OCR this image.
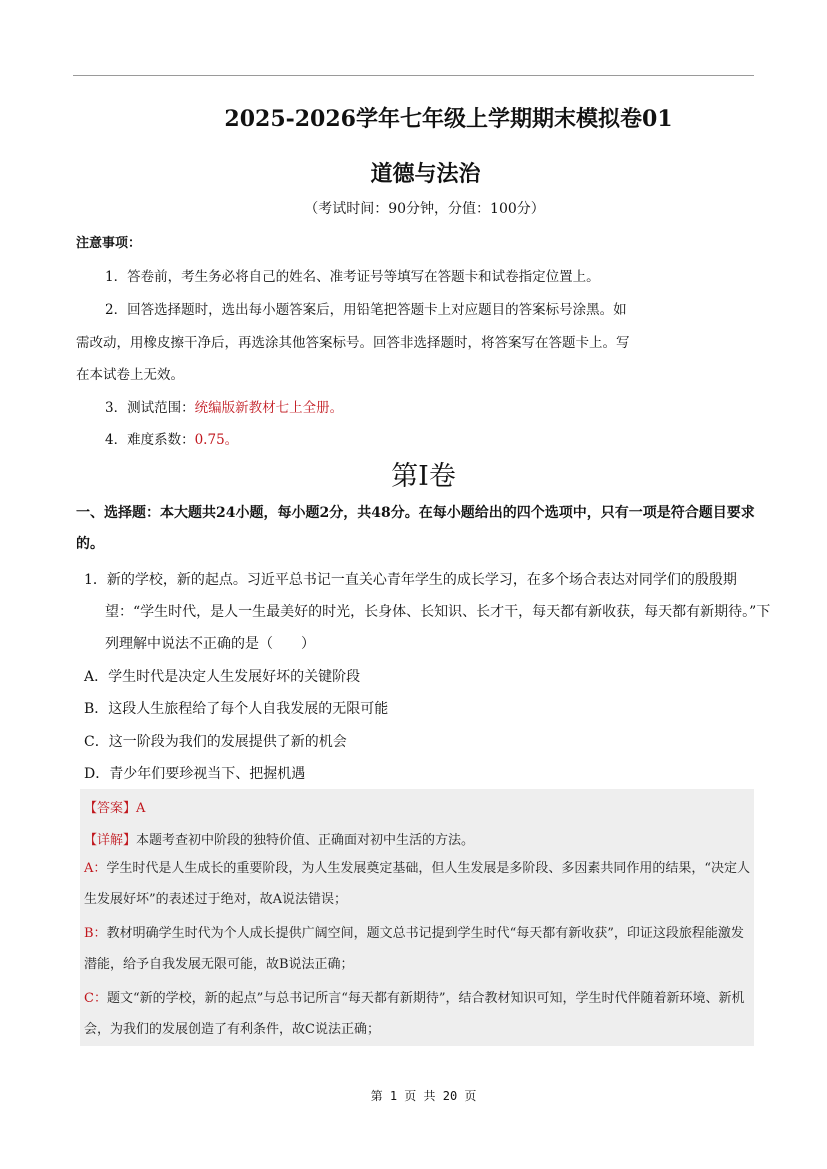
2025-2026学年七年级上学期期末模拟卷01
道德与法治
（考试时间：90分钟，分值：100分）
注意事项：
1．答卷前，考生务必将自己的姓名、准考证号等填写在答题卡和试卷指定位置上。
2．回答选择题时，选出每小题答案后，用铅笔把答题卡上对应题目的答案标号涂黑。如
需改动，用橡皮擦干净后，再选涂其他答案标号。回答非选择题时，将答案写在答题卡上。写
在本试卷上无效。
3．测试范围：统编版新教材七上全册。
4．难度系数：0.75。
第I卷
一、选择题：本大题共24小题，每小题2分，共48分。在每小题给出的四个选项中，只有一项是符合题目要求的。
1．新的学校，新的起点。习近平总书记一直关心青年学生的成长学习，在多个场合表达对同学们的殷殷期望：“学生时代，是人一生最美好的时光，长身体、长知识、长才干，每天都有新收获，每天都有新期待。”下列理解中说法不正确的是（　　）
A．学生时代是决定人生发展好坏的关键阶段
B．这段人生旅程给了每个人自我发展的无限可能
C．这一阶段为我们的发展提供了新的机会
D．青少年们要珍视当下、把握机遇
【答案】A
【详解】本题考查初中阶段的独特价值、正确面对初中生活的方法。
A：学生时代是人生成长的重要阶段，为人生发展奠定基础，但人生发展是多阶段、多因素共同作用的结果，“决定人生发展好坏”的表述过于绝对，故A说法错误；
B：教材明确学生时代为个人成长提供广阔空间，题文总书记提到学生时代“每天都有新收获”，印证这段旅程能激发潜能，给予自我发展无限可能，故B说法正确；
C：题文“新的学校，新的起点”与总书记所言“每天都有新期待”，结合教材知识可知，学生时代伴随着新环境、新机会，为我们的发展创造了有利条件，故C说法正确；
第 1 页 共 20 页
